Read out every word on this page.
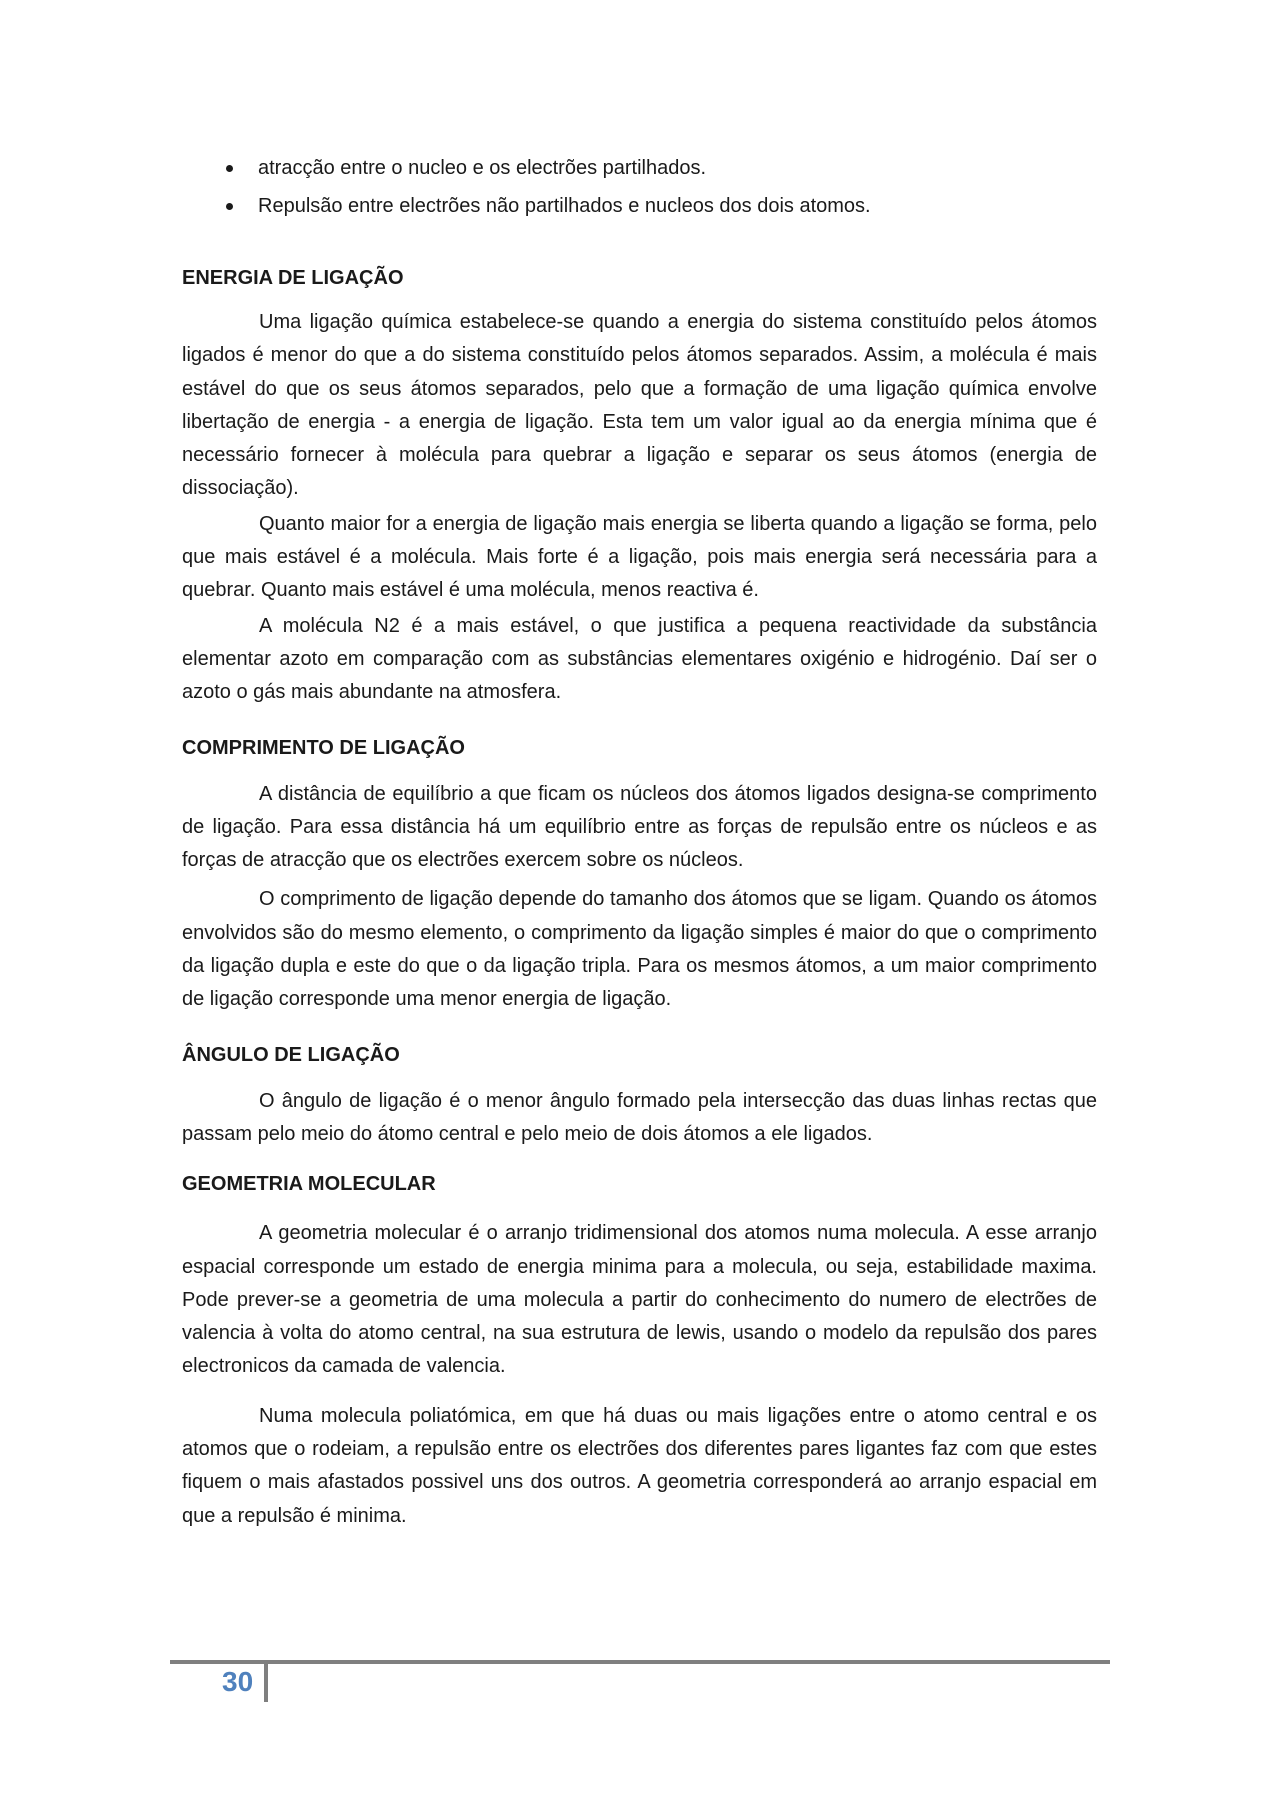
atracção entre o nucleo e os electrões partilhados.
Repulsão entre electrões não partilhados e nucleos dos dois atomos.
ENERGIA DE LIGAÇÃO

Uma ligação química estabelece-se quando a energia do sistema constituído pelos átomos ligados é menor do que a do sistema constituído pelos átomos separados. Assim, a molécula é mais estável do que os seus átomos separados, pelo que a formação de uma ligação química envolve libertação de energia - a energia de ligação. Esta tem um valor igual ao da energia mínima que é necessário fornecer à molécula para quebrar a ligação e separar os seus átomos (energia de dissociação).

Quanto maior for a energia de ligação mais energia se liberta quando a ligação se forma, pelo que mais estável é a molécula. Mais forte é a ligação, pois mais energia será necessária para a quebrar. Quanto mais estável é uma molécula, menos reactiva é.

A molécula N2 é a mais estável, o que justifica a pequena reactividade da substância elementar azoto em comparação com as substâncias elementares oxigénio e hidrogénio. Daí ser o azoto o gás mais abundante na atmosfera.

COMPRIMENTO DE LIGAÇÃO

A distância de equilíbrio a que ficam os núcleos dos átomos ligados designa-se comprimento de ligação. Para essa distância há um equilíbrio entre as forças de repulsão entre os núcleos e as forças de atracção que os electrões exercem sobre os núcleos.

O comprimento de ligação depende do tamanho dos átomos que se ligam. Quando os átomos envolvidos são do mesmo elemento, o comprimento da ligação simples é maior do que o comprimento da ligação dupla e este do que o da ligação tripla. Para os mesmos átomos, a um maior comprimento de ligação corresponde uma menor energia de ligação.

ÂNGULO DE LIGAÇÃO

O ângulo de ligação é o menor ângulo formado pela intersecção das duas linhas rectas que passam pelo meio do átomo central e pelo meio de dois átomos a ele ligados.

GEOMETRIA MOLECULAR

A geometria molecular é o arranjo tridimensional dos atomos numa molecula. A esse arranjo espacial corresponde um estado de energia minima para a molecula, ou seja, estabilidade maxima. Pode prever-se a geometria de uma molecula a partir do conhecimento do numero de electrões de valencia à volta do atomo central, na sua estrutura de lewis, usando o modelo da repulsão dos pares electronicos da camada de valencia.

Numa molecula poliatómica, em que há duas ou mais ligações entre o atomo central e os atomos que o rodeiam, a repulsão entre os electrões dos diferentes pares ligantes faz com que estes fiquem o mais afastados possivel uns dos outros. A geometria corresponderá ao arranjo espacial em que a repulsão é minima.

30
